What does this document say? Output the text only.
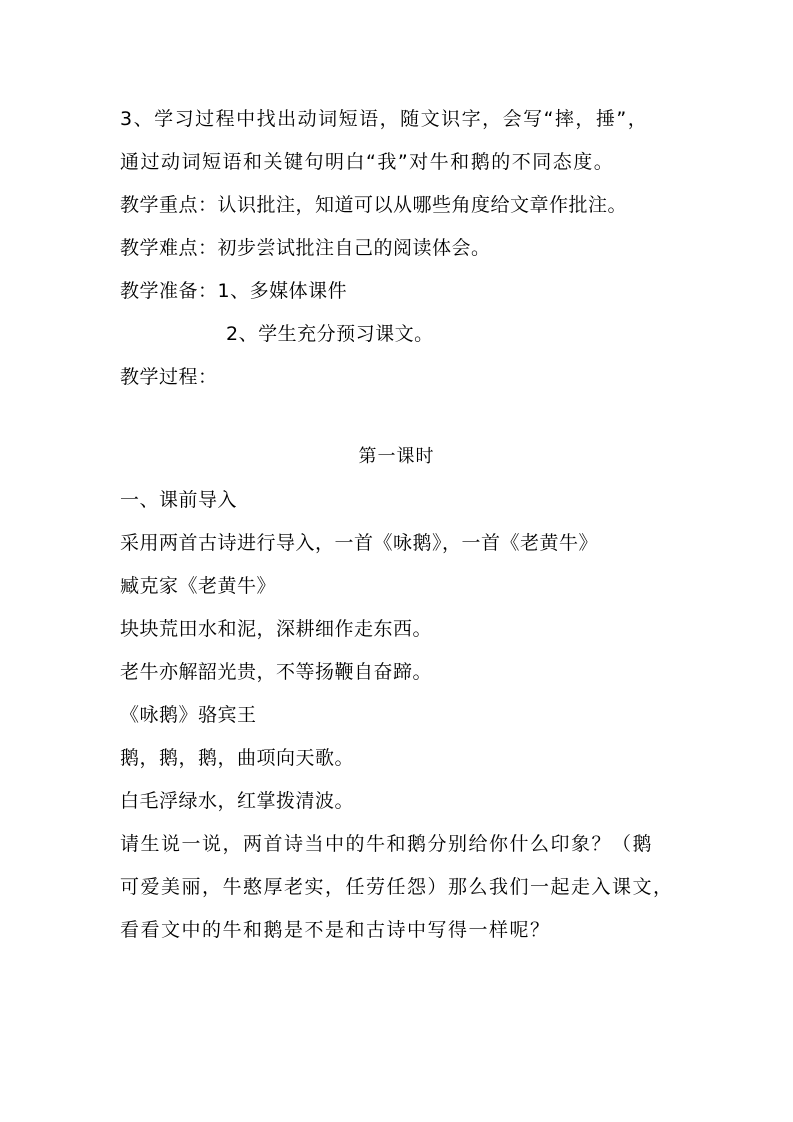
3、学习过程中找出动词短语，随文识字，会写“摔，捶”，
通过动词短语和关键句明白“我”对牛和鹅的不同态度。
教学重点：认识批注，知道可以从哪些角度给文章作批注。
教学难点：初步尝试批注自己的阅读体会。
教学准备：1、多媒体课件
2、学生充分预习课文。
教学过程：
第一课时
一、课前导入
采用两首古诗进行导入，一首《咏鹅》，一首《老黄牛》
臧克家《老黄牛》
块块荒田水和泥，深耕细作走东西。
老牛亦解韶光贵，不等扬鞭自奋蹄。
《咏鹅》骆宾王
鹅，鹅，鹅，曲项向天歌。
白毛浮绿水，红掌拨清波。
请生说一说，两首诗当中的牛和鹅分别给你什么印象？（鹅
可爱美丽，牛憨厚老实，任劳任怨）那么我们一起走入课文，
看看文中的牛和鹅是不是和古诗中写得一样呢？
